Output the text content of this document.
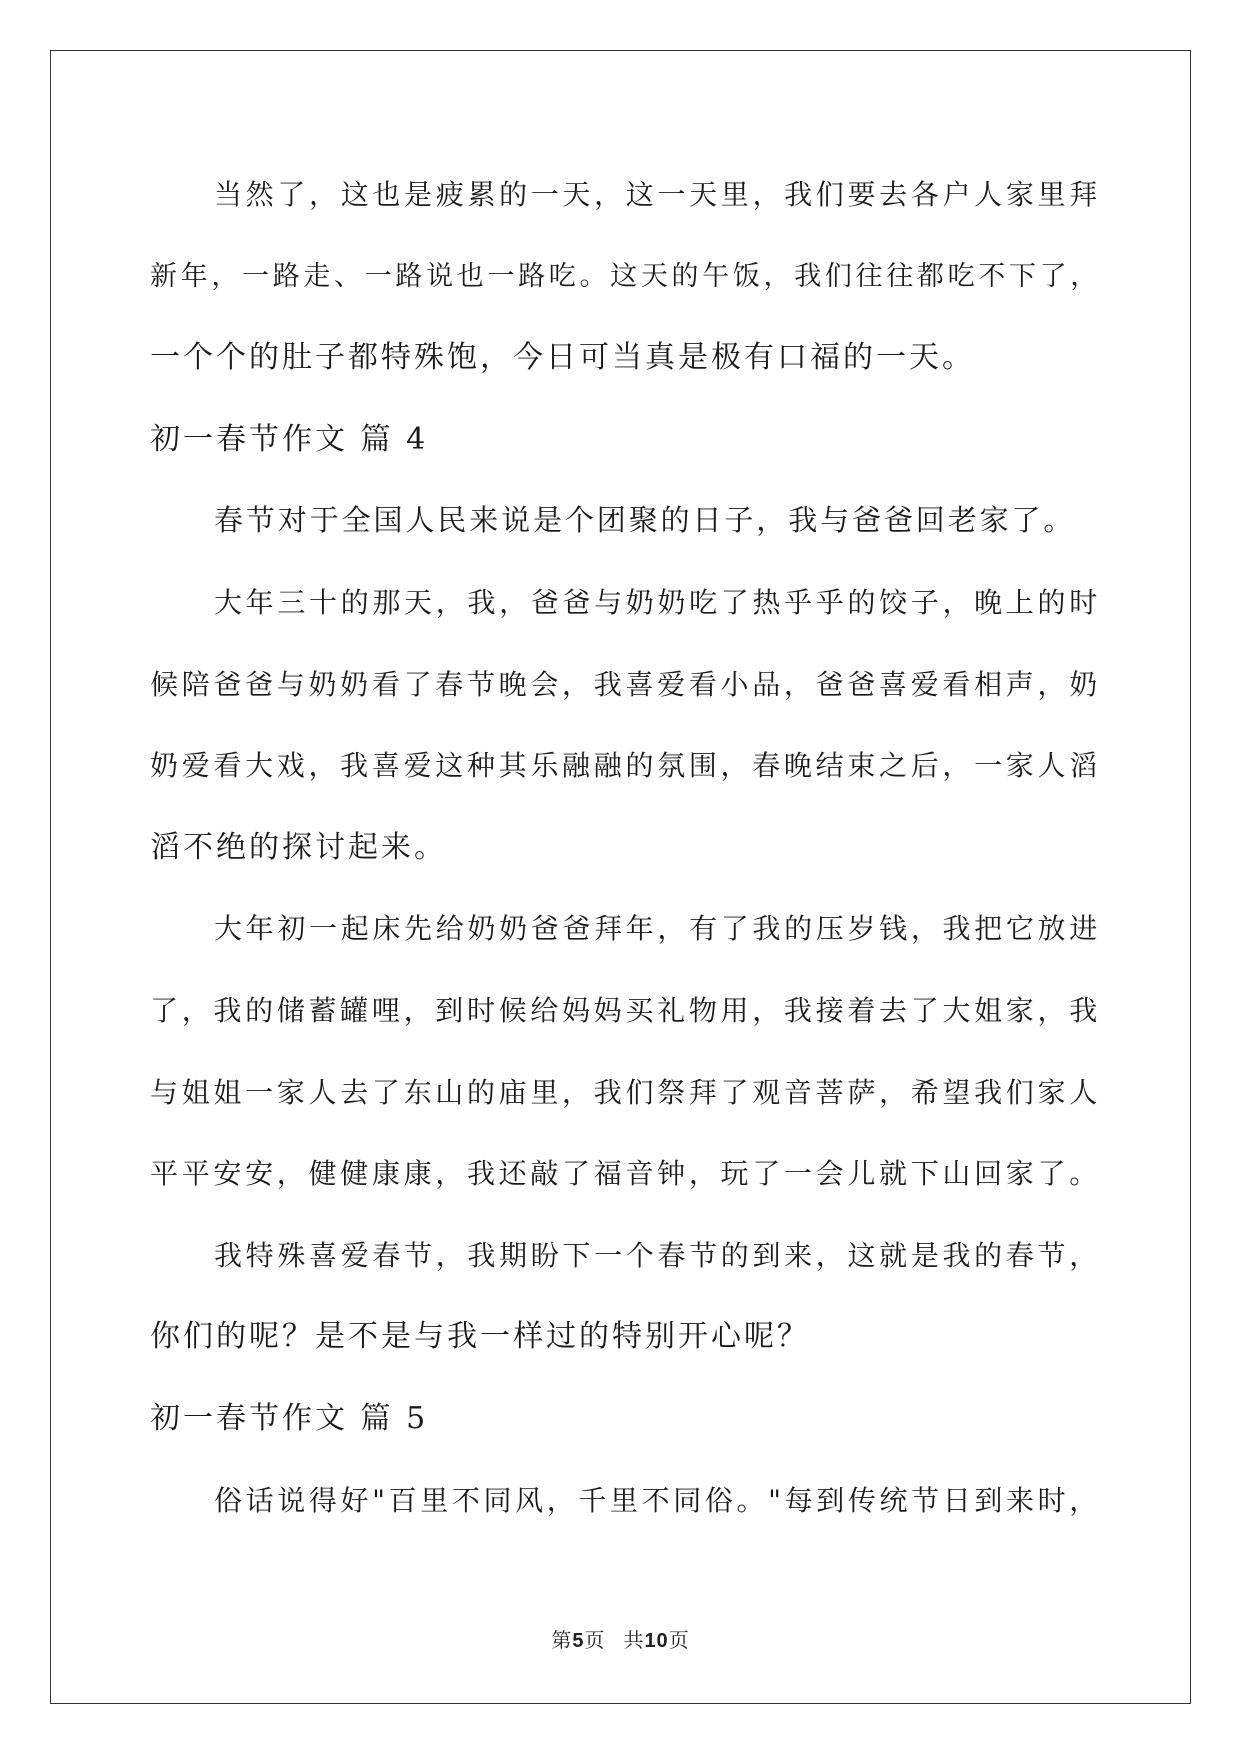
当然了，这也是疲累的一天，这一天里，我们要去各户人家里拜
新年，一路走、一路说也一路吃。这天的午饭，我们往往都吃不下了，
一个个的肚子都特殊饱，今日可当真是极有口福的一天。
初一春节作文 篇 4
春节对于全国人民来说是个团聚的日子，我与爸爸回老家了。
大年三十的那天，我，爸爸与奶奶吃了热乎乎的饺子，晚上的时
候陪爸爸与奶奶看了春节晚会，我喜爱看小品，爸爸喜爱看相声，奶
奶爱看大戏，我喜爱这种其乐融融的氛围，春晚结束之后，一家人滔
滔不绝的探讨起来。
大年初一起床先给奶奶爸爸拜年，有了我的压岁钱，我把它放进
了，我的储蓄罐哩，到时候给妈妈买礼物用，我接着去了大姐家，我
与姐姐一家人去了东山的庙里，我们祭拜了观音菩萨，希望我们家人
平平安安，健健康康，我还敲了福音钟，玩了一会儿就下山回家了。
我特殊喜爱春节，我期盼下一个春节的到来，这就是我的春节，
你们的呢？是不是与我一样过的特别开心呢？
初一春节作文 篇 5
俗话说得好"百里不同风，千里不同俗。"每到传统节日到来时，
第5页 共10页
